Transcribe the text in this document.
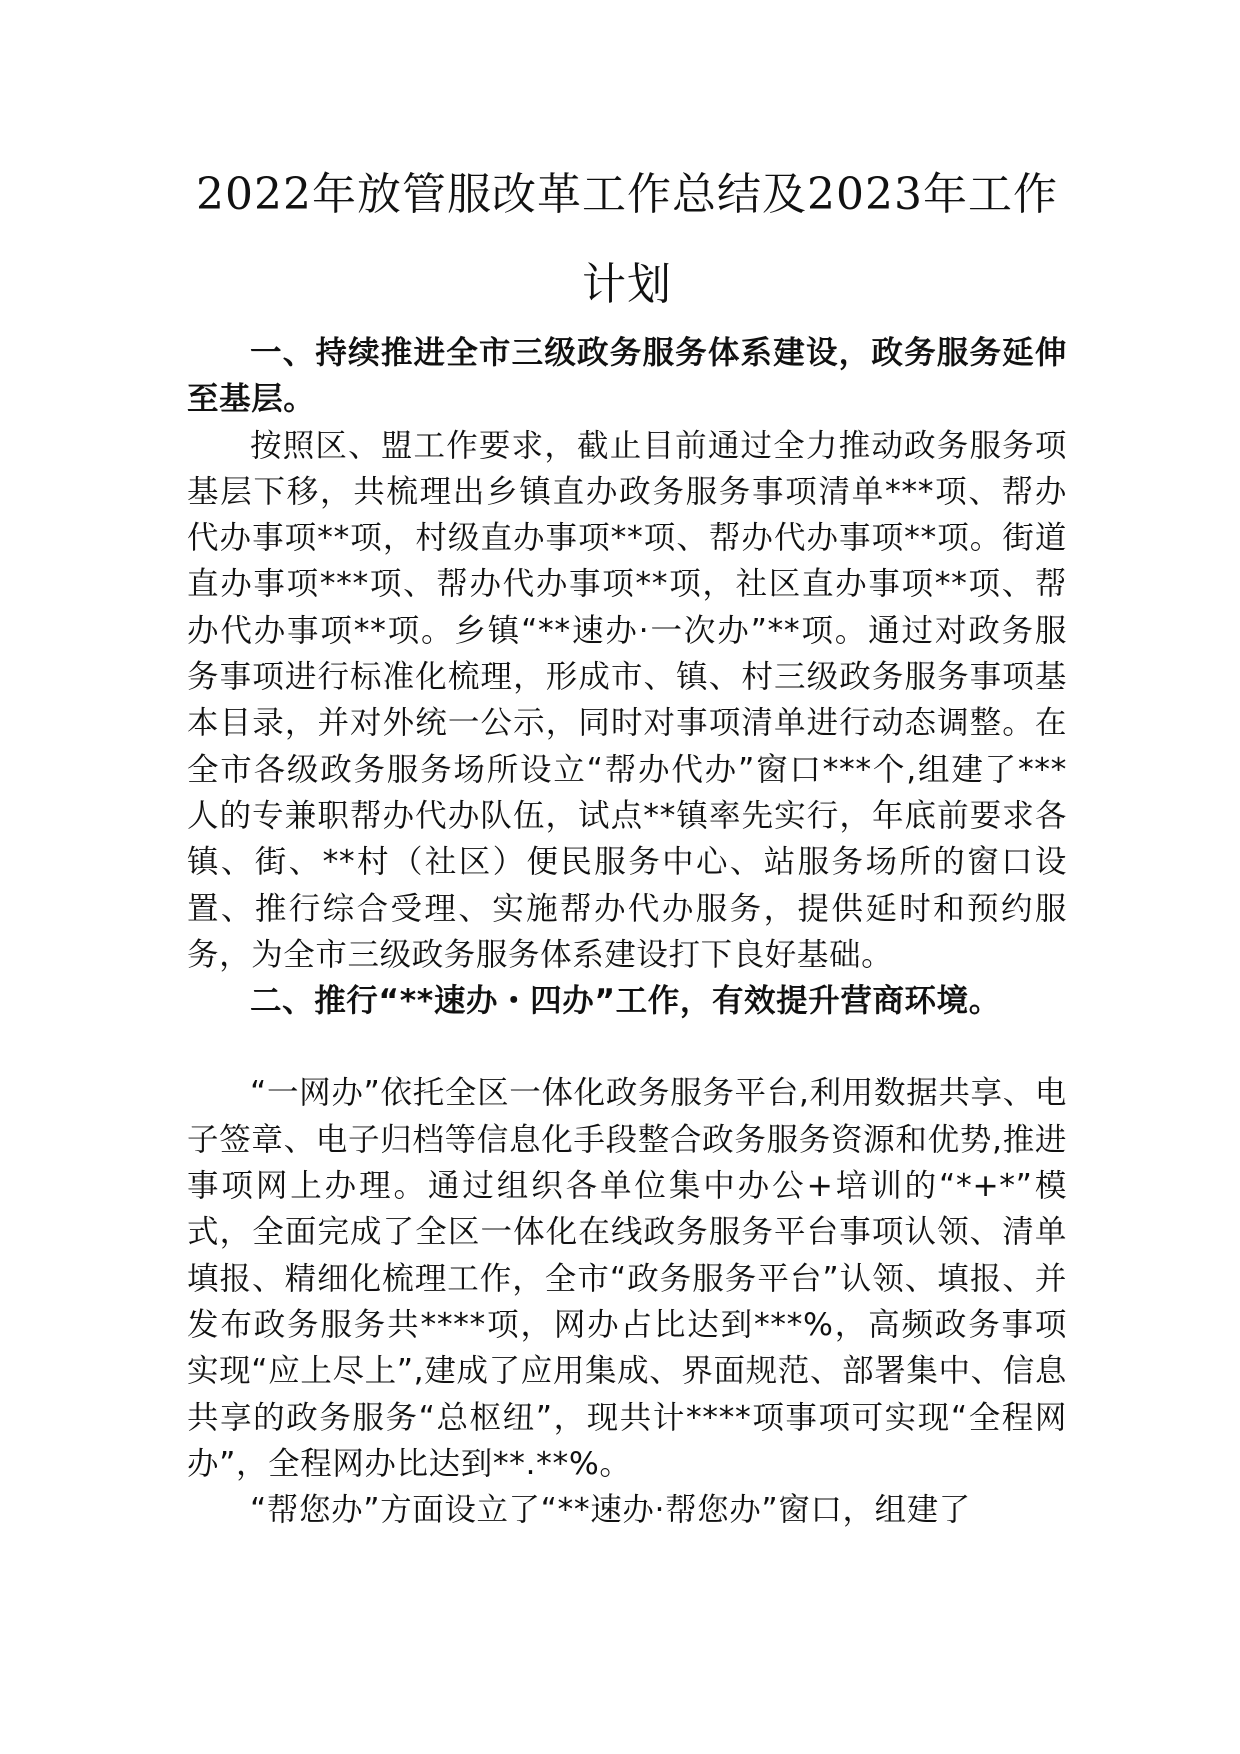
2022年放管服改革工作总结及2023年工作
计划

一、持续推进全市三级政务服务体系建设，政务服务延伸至基层。

按照区、盟工作要求，截止目前通过全力推动政务服务项基层下移，共梳理出乡镇直办政务服务事项清单***项、帮办代办事项**项，村级直办事项**项、帮办代办事项**项。街道直办事项***项、帮办代办事项**项，社区直办事项**项、帮办代办事项**项。乡镇“**速办·一次办”**项。通过对政务服务事项进行标准化梳理，形成市、镇、村三级政务服务事项基本目录，并对外统一公示，同时对事项清单进行动态调整。在全市各级政务服务场所设立“帮办代办”窗口***个,组建了***人的专兼职帮办代办队伍，试点**镇率先实行，年底前要求各镇、街、**村（社区）便民服务中心、站服务场所的窗口设置、推行综合受理、实施帮办代办服务，提供延时和预约服务，为全市三级政务服务体系建设打下良好基础。

二、推行“**速办・四办”工作，有效提升营商环境。

“一网办”依托全区一体化政务服务平台,利用数据共享、电子签章、电子归档等信息化手段整合政务服务资源和优势,推进事项网上办理。通过组织各单位集中办公+培训的“*+*”模式，全面完成了全区一体化在线政务服务平台事项认领、清单填报、精细化梳理工作，全市“政务服务平台”认领、填报、并发布政务服务共****项，网办占比达到***%，高频政务事项实现“应上尽上”,建成了应用集成、界面规范、部署集中、信息共享的政务服务“总枢纽”，现共计****项事项可实现“全程网办”，全程网办比达到**.**%。

“帮您办”方面设立了“**速办·帮您办”窗口，组建了
